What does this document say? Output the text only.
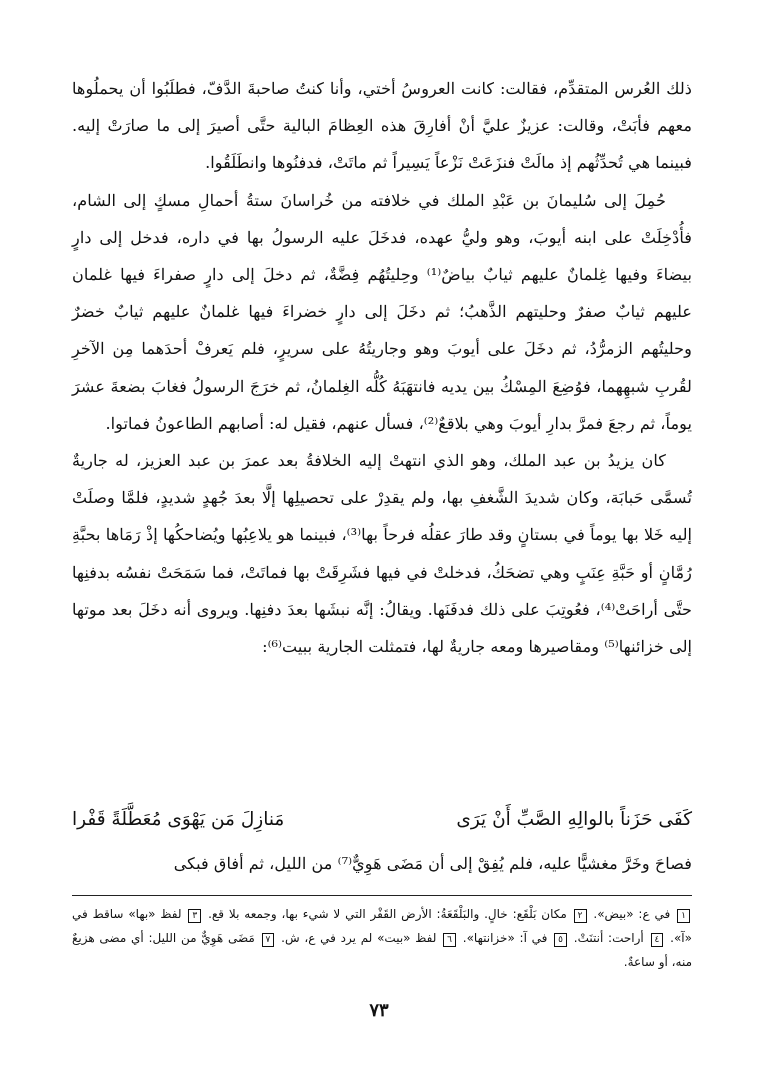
ذلك العُرس المتقدِّم، فقالت: كانت العروسُ أختي، وأنا كنتُ صاحبةَ الدَّفّ، فطلَبُوا أن يحملُوها معهم فأبَتْ، وقالت: عزيزٌ عليَّ أنْ أفارِقَ هذه العِظامَ البالية حتَّى أصيرَ إلى ما صارَتْ إليه. فبينما هي تُحدِّثُهم إذ مالَتْ فنزَعَتْ نَزْعاً يَسِيراً ثم ماتَتْ، فدفنُوها وانطَلَقُوا.

حُمِلَ إلى سُليمانَ بن عَبْدِ الملك في خلافته من خُراسانَ ستةُ أحمالِ مسكٍ إلى الشام، فأُدْخِلَتْ على ابنه أيوبَ، وهو وليُّ عهده، فدخَلَ عليه الرسولُ بها في داره، فدخل إلى دارٍ بيضاءَ وفيها غِلمانٌ عليهم ثيابٌ بياضٌ⁽¹⁾ وحِليتُهُم فِضَّةٌ، ثم دخلَ إلى دارٍ صفراءَ فيها غلمان عليهم ثيابٌ صفرٌ وحليتهم الذَّهبُ؛ ثم دخَلَ إلى دارٍ خضراءَ فيها غلمانٌ عليهم ثيابٌ خضرٌ وحليتُهم الزمرُّدُ، ثم دخَلَ على أيوبَ وهو وجاريتُهُ على سريرٍ، فلم يَعرفْ أحدَهما مِن الآخرِ لقُربِ شبهِهما، فوُضِعَ المِسْكُ بين يديه فانتهَبَهُ كُلُّه الغِلمانُ، ثم خرَجَ الرسولُ فغابَ بضعةَ عشرَ يوماً، ثم رجعَ فمرَّ بدارِ أيوبَ وهي بلاقعٌ⁽²⁾، فسأل عنهم، فقيل له: أصابهم الطاعونُ فماتوا.

كان يزيدُ بن عبد الملك، وهو الذي انتهتْ إليه الخلافةُ بعد عمرَ بن عبد العزيز، له جاريةٌ تُسمَّى حَبابَة، وكان شديدَ الشَّغفِ بها، ولم يقدِرْ على تحصيلِها إلَّا بعدَ جُهدٍ شديدٍ، فلمَّا وصلَتْ إليه خَلا بها يوماً في بستانٍ وقد طارَ عقلُه فرحاً بها⁽³⁾، فبينما هو يلاعِبُها ويُضاحكُها إذْ رَمَاها بحبَّةِ رُمَّانٍ أو حَبَّةِ عِنَبٍ وهي تضحَكُ، فدخلتْ في فيها فشَرِقَتْ بها فماتَتْ، فما سَمَحَتْ نفسُه بدفنِها حتَّى أراحَتْ⁽⁴⁾، فعُوتِبَ على ذلك فدفَنَها. ويقالُ: إنَّه نبشَها بعدَ دفنِها. ويروى أنه دخَلَ بعد موتها إلى خزائنها⁽⁵⁾ ومقاصيرها ومعه جاريةٌ لها، فتمثلت الجارية ببيت⁽⁶⁾:

كَفَى حَزَناً بالوالِهِ الصَّبِّ أَنْ يَرَى
مَنازِلَ مَن يَهْوَى مُعَطَّلَةً قَفْرا
فصاحَ وخَرَّ مغشيًّا عليه، فلم يُفِقْ إلى أن مَضَى هَوِيٌّ⁽⁷⁾ من الليل، ثم أفاق فبكى

١ في ع: «بيض». ٢ مكان بَلْقَع: خالٍ. والبَلْقَعَةُ: الأرض القَفْر التي لا شيء بها، وجمعه بلا قع. ٣ لفظ «بها» ساقط في «آ». ٤ أراحت: أنتنَتْ. ٥ في آ: «خزانتها». ٦ لفظ «بيت» لم يرد في ع، ش. ٧ مَضَى هَوِيٌّ من الليل: أي مضى هزيعٌ منه، أو ساعةٌ.

٧٣
